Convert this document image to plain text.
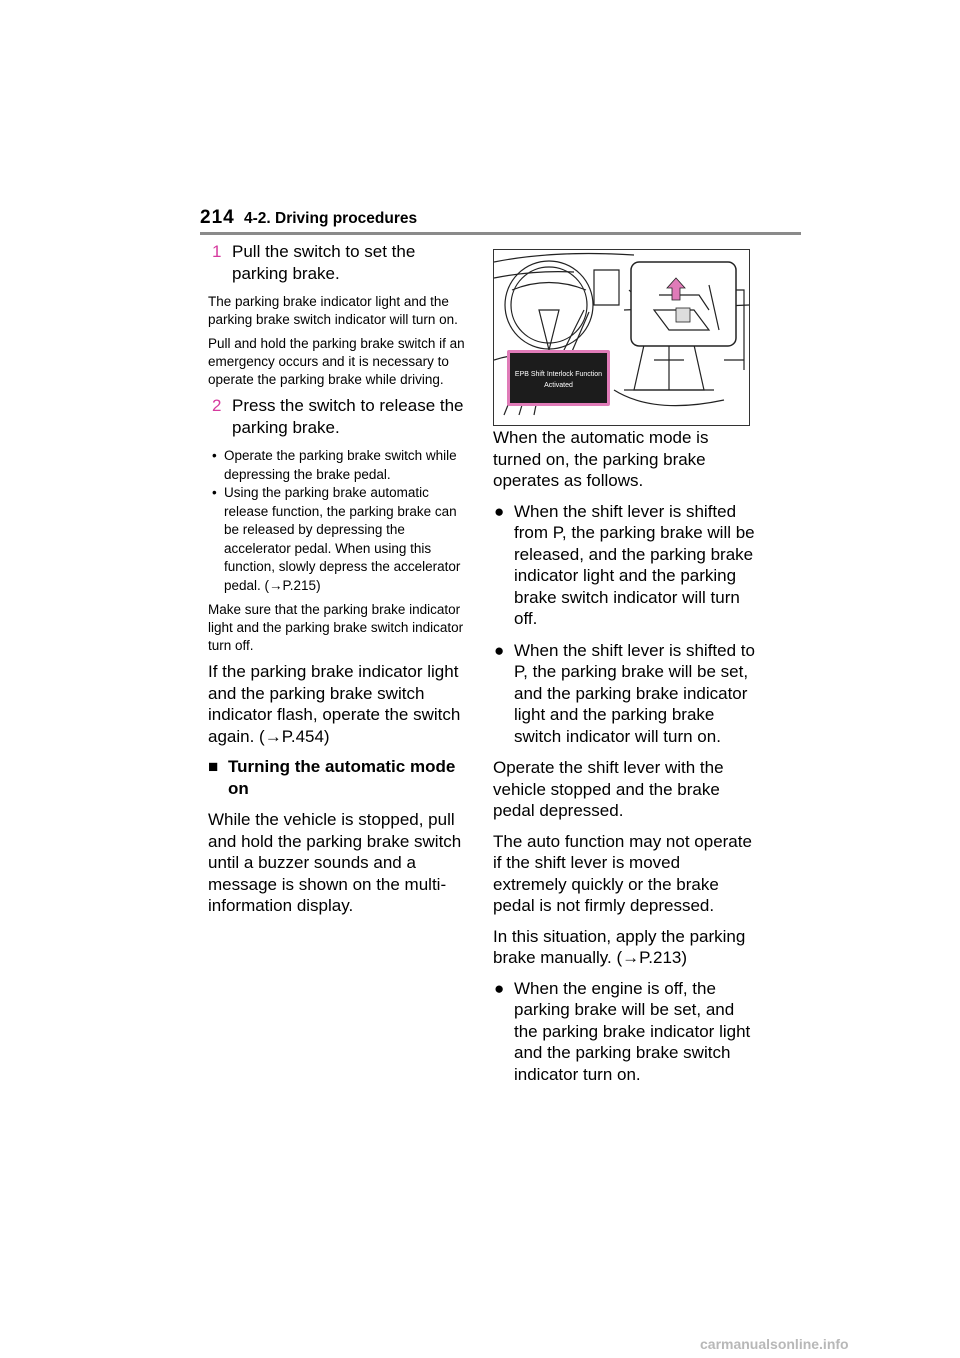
214 4-2. Driving procedures
1 Pull the switch to set the parking brake.

The parking brake indicator light and the parking brake switch indicator will turn on.

Pull and hold the parking brake switch if an emergency occurs and it is necessary to operate the parking brake while driving.

2 Press the switch to release the parking brake.
• Operate the parking brake switch while depressing the brake pedal.
• Using the parking brake automatic release function, the parking brake can be released by depressing the accelerator pedal. When using this function, slowly depress the accelerator pedal. (→P.215)

Make sure that the parking brake indicator light and the parking brake switch indicator turn off.

If the parking brake indicator light and the parking brake switch indicator flash, operate the switch again. (→P.454)

■ Turning the automatic mode on

While the vehicle is stopped, pull and hold the parking brake switch until a buzzer sounds and a message is shown on the multi-information display.

EPB Shift Interlock Function
Activated

When the automatic mode is turned on, the parking brake operates as follows.

● When the shift lever is shifted from P, the parking brake will be released, and the parking brake indicator light and the parking brake switch indicator will turn off.
● When the shift lever is shifted to P, the parking brake will be set, and the parking brake indicator light and the parking brake switch indicator will turn on.

Operate the shift lever with the vehicle stopped and the brake pedal depressed.

The auto function may not operate if the shift lever is moved extremely quickly or the brake pedal is not firmly depressed.

In this situation, apply the parking brake manually. (→P.213)

● When the engine is off, the parking brake will be set, and the parking brake indicator light and the parking brake switch indicator turn on.
carmanualsonline.info
